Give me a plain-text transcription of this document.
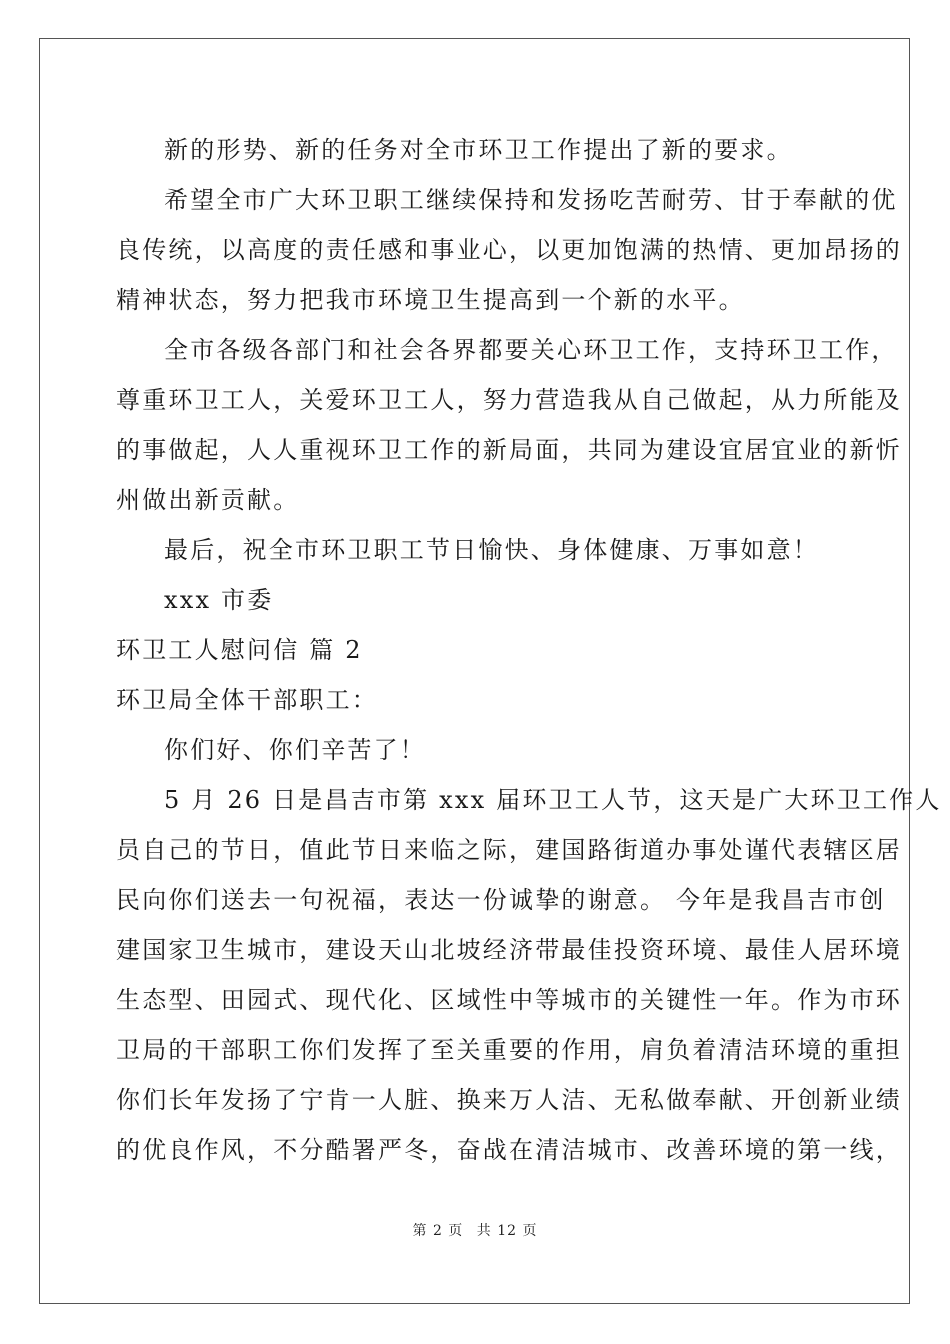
新的形势、新的任务对全市环卫工作提出了新的要求。
希望全市广大环卫职工继续保持和发扬吃苦耐劳、甘于奉献的优
良传统，以高度的责任感和事业心，以更加饱满的热情、更加昂扬的
精神状态，努力把我市环境卫生提高到一个新的水平。
全市各级各部门和社会各界都要关心环卫工作，支持环卫工作，
尊重环卫工人，关爱环卫工人，努力营造我从自己做起，从力所能及
的事做起，人人重视环卫工作的新局面，共同为建设宜居宜业的新忻
州做出新贡献。
最后，祝全市环卫职工节日愉快、身体健康、万事如意！
xxx 市委
环卫工人慰问信 篇 2
环卫局全体干部职工：
你们好、你们辛苦了！
5 月 26 日是昌吉市第 xxx 届环卫工人节，这天是广大环卫工作人
员自己的节日，值此节日来临之际，建国路街道办事处谨代表辖区居
民向你们送去一句祝福，表达一份诚挚的谢意。 今年是我昌吉市创
建国家卫生城市，建设天山北坡经济带最佳投资环境、最佳人居环境
生态型、田园式、现代化、区域性中等城市的关键性一年。作为市环
卫局的干部职工你们发挥了至关重要的作用，肩负着清洁环境的重担
你们长年发扬了宁肯一人脏、换来万人洁、无私做奉献、开创新业绩
的优良作风，不分酷署严冬，奋战在清洁城市、改善环境的第一线，
第 2 页 共 12 页
